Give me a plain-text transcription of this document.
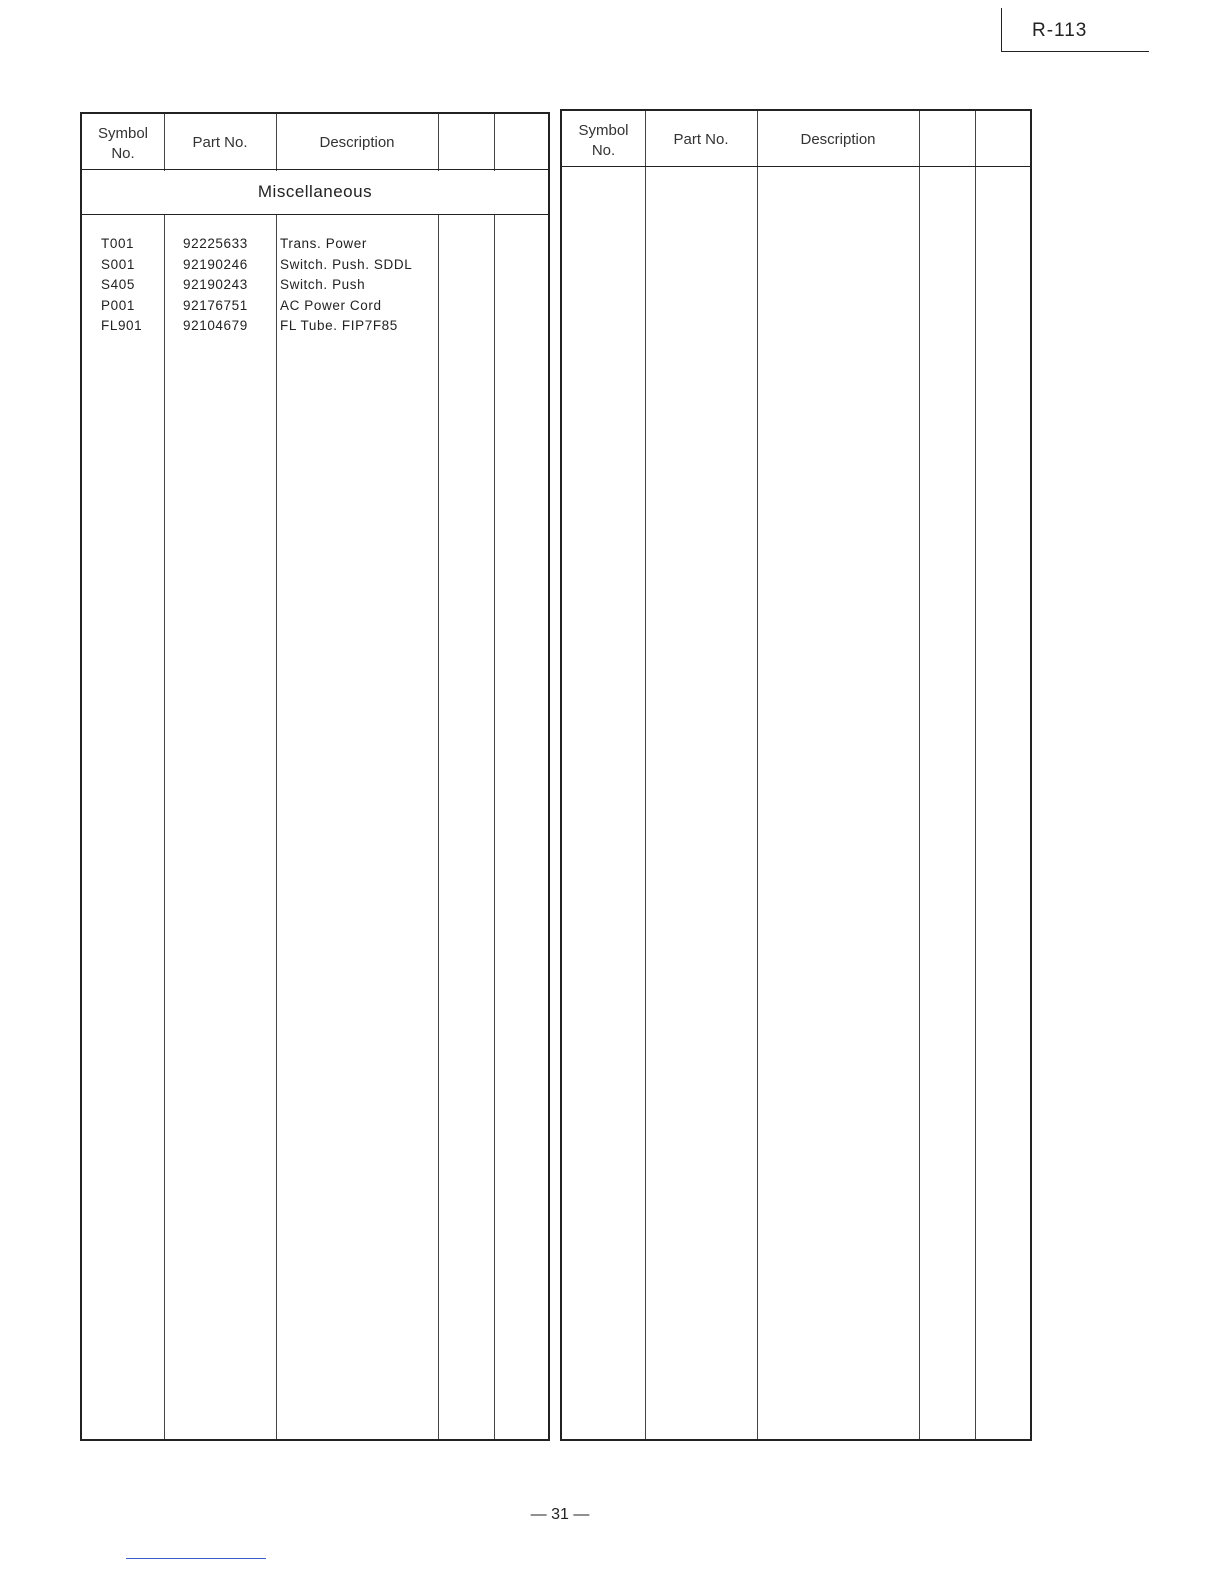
R-113
Symbol
No.
Part No.	Description
Miscellaneous
T001	92225633 Trans. Power
S001	92190246 Switch. Push. SDDL
S405	92190243 Switch. Push
P001	92176751 AC Power Cord
FL901	92104679 FL Tube. FIP7F85
Symbol
No.
Part No.	Description
— 31 —
